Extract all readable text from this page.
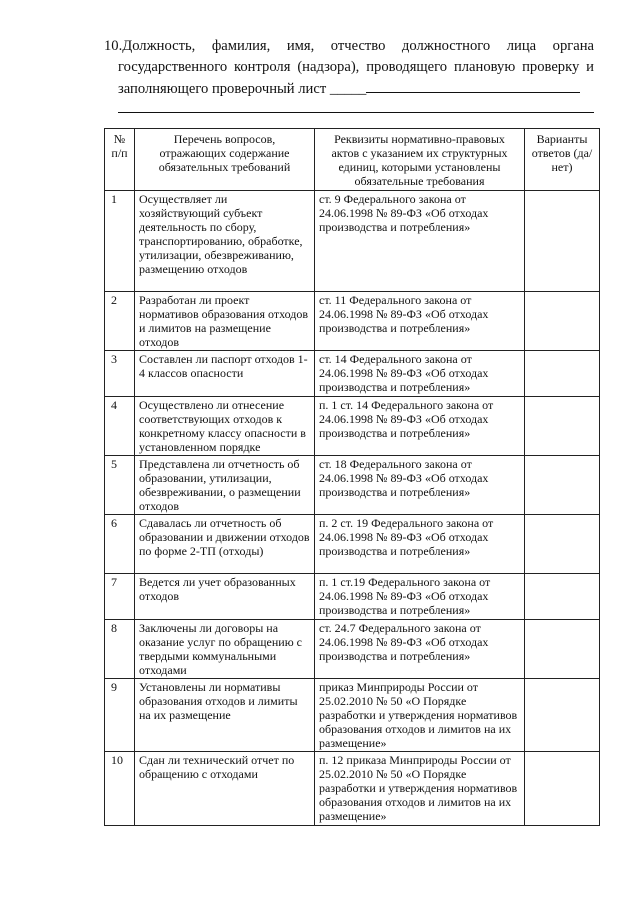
10. Должность, фамилия, имя, отчество должностного лица органа
государственного контроля (надзора), проводящего плановую проверку и
заполняющего проверочный лист _____
№ п/п	Перечень вопросов, отражающих содержание обязательных требований	Реквизиты нормативно-правовых актов с указанием их структурных единиц, которыми установлены обязательные требования	Варианты ответов (да/нет)
1	Осуществляет ли хозяйствующий субъект деятельность по сбору, транспортированию, обработке, утилизации, обезвреживанию, размещению отходов	ст. 9 Федерального закона от 24.06.1998 № 89-ФЗ «Об отходах производства и потребления»	
2	Разработан ли проект нормативов образования отходов и лимитов на размещение отходов	ст. 11 Федерального закона от 24.06.1998 № 89-ФЗ «Об отходах производства и потребления»	
3	Составлен ли паспорт отходов 1-4 классов опасности	ст. 14 Федерального закона от 24.06.1998 № 89-ФЗ «Об отходах производства и потребления»	
4	Осуществлено ли отнесение соответствующих отходов к конкретному классу опасности в установленном порядке	п. 1 ст. 14 Федерального закона от 24.06.1998 № 89-ФЗ «Об отходах производства и потребления»	
5	Представлена ли отчетность об образовании, утилизации, обезвреживании, о размещении отходов	ст. 18 Федерального закона от 24.06.1998 № 89-ФЗ «Об отходах производства и потребления»	
6	Сдавалась ли отчетность об образовании и движении отходов по форме 2-ТП (отходы)	п. 2 ст. 19 Федерального закона от 24.06.1998 № 89-ФЗ «Об отходах производства и потребления»	
7	Ведется ли учет образованных отходов	п. 1 ст.19 Федерального закона от 24.06.1998 № 89-ФЗ «Об отходах производства и потребления»	
8	Заключены ли договоры на оказание услуг по обращению с твердыми коммунальными отходами	ст. 24.7 Федерального закона от 24.06.1998 № 89-ФЗ «Об отходах производства и потребления»	
9	Установлены ли нормативы образования отходов и лимиты на их размещение	приказ Минприроды России от 25.02.2010 № 50 «О Порядке разработки и утверждения нормативов образования отходов и лимитов на их размещение»	
10	Сдан ли технический отчет по обращению с отходами	п. 12 приказа Минприроды России от 25.02.2010 № 50 «О Порядке разработки и утверждения нормативов образования отходов и лимитов на их размещение»	
